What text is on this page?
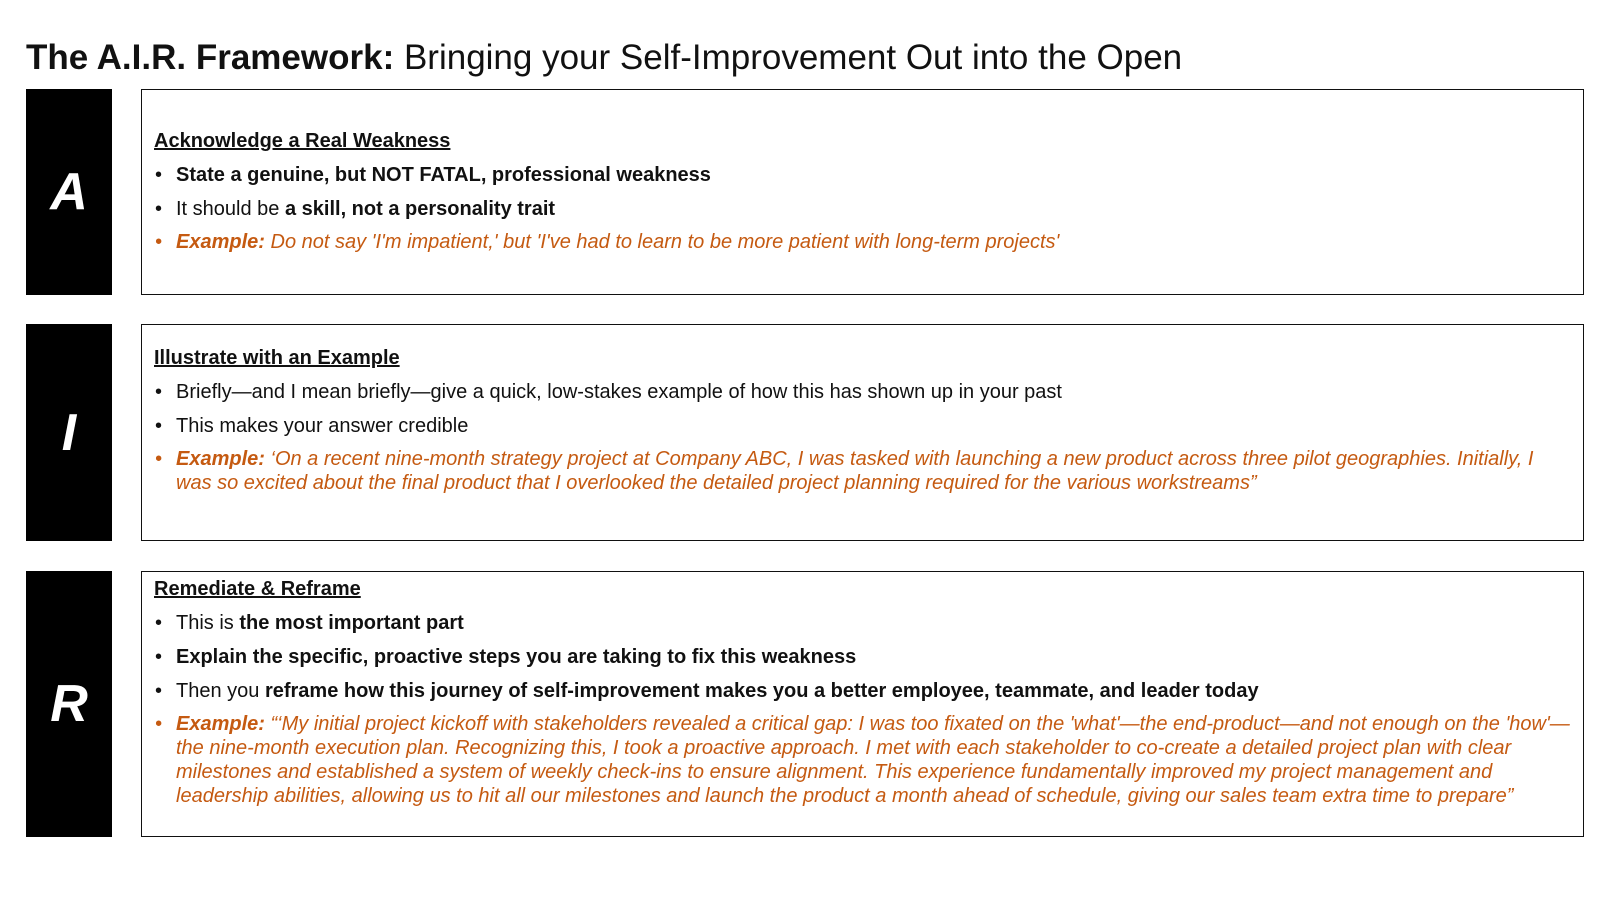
The A.I.R. Framework: Bringing your Self-Improvement Out into the Open
A
Acknowledge a Real Weakness
• State a genuine, but NOT FATAL, professional weakness
• It should be a skill, not a personality trait
• Example: Do not say 'I'm impatient,' but 'I've had to learn to be more patient with long-term projects'
I
Illustrate with an Example
• Briefly—and I mean briefly—give a quick, low-stakes example of how this has shown up in your past
• This makes your answer credible
• Example: ‘On a recent nine-month strategy project at Company ABC, I was tasked with launching a new product across three pilot geographies. Initially, I was so excited about the final product that I overlooked the detailed project planning required for the various workstreams”
R
Remediate & Reframe
• This is the most important part
• Explain the specific, proactive steps you are taking to fix this weakness
• Then you reframe how this journey of self-improvement makes you a better employee, teammate, and leader today
• Example: “‘My initial project kickoff with stakeholders revealed a critical gap: I was too fixated on the 'what'—the end-product—and not enough on the 'how'—the nine-month execution plan. Recognizing this, I took a proactive approach. I met with each stakeholder to co-create a detailed project plan with clear milestones and established a system of weekly check-ins to ensure alignment. This experience fundamentally improved my project management and leadership abilities, allowing us to hit all our milestones and launch the product a month ahead of schedule, giving our sales team extra time to prepare”
